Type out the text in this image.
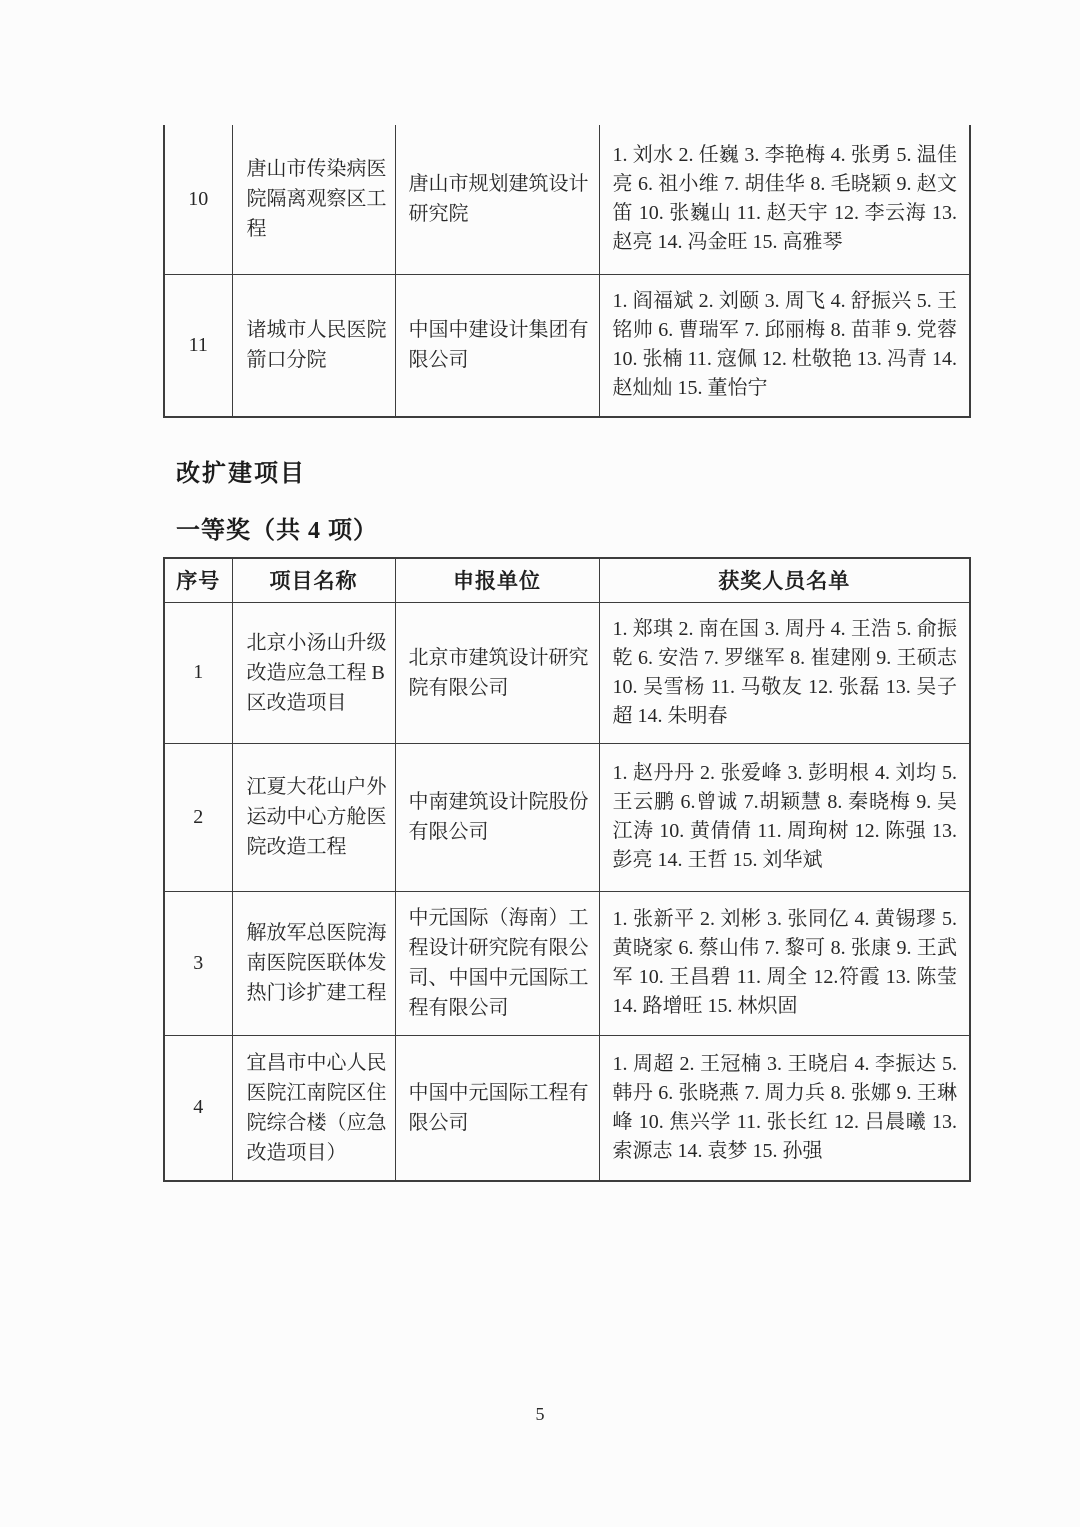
10	唐山市传染病医院隔离观察区工程	唐山市规划建筑设计研究院	1. 刘水 2. 任巍 3. 李艳梅 4. 张勇 5. 温佳亮 6. 祖小维 7. 胡佳华 8. 毛晓颖 9. 赵文笛 10. 张巍山 11. 赵天宇 12. 李云海 13. 赵亮 14. 冯金旺 15. 高雅琴
11	诸城市人民医院箭口分院	中国中建设计集团有限公司	1. 阎福斌 2. 刘颐 3. 周飞 4. 舒振兴 5. 王铭帅 6. 曹瑞军 7. 邱丽梅 8. 苗菲 9. 党蓉 10. 张楠 11. 寇佩 12. 杜敬艳 13. 冯青 14. 赵灿灿 15. 董怡宁
改扩建项目
一等奖（共 4 项）
序号	项目名称	申报单位	获奖人员名单
1	北京小汤山升级改造应急工程 B 区改造项目	北京市建筑设计研究院有限公司	1. 郑琪 2. 南在国 3. 周丹 4. 王浩 5. 俞振乾 6. 安浩 7. 罗继军 8. 崔建刚 9. 王硕志 10. 吴雪杨 11. 马敬友 12. 张磊 13. 吴子超 14. 朱明春
2	江夏大花山户外运动中心方舱医院改造工程	中南建筑设计院股份有限公司	1. 赵丹丹 2. 张爱峰 3. 彭明根 4. 刘均 5. 王云鹏 6.曾诚 7.胡颖慧 8. 秦晓梅 9. 吴江涛 10. 黄倩倩 11. 周珣树 12. 陈强 13. 彭亮 14. 王哲 15. 刘华斌
3	解放军总医院海南医院医联体发热门诊扩建工程	中元国际（海南）工程设计研究院有限公司、中国中元国际工程有限公司	1. 张新平 2. 刘彬 3. 张同亿 4. 黄锡璆 5. 黄晓家 6. 蔡山伟 7. 黎可 8. 张康 9. 王武军 10. 王昌碧 11. 周全 12.符霞 13. 陈莹 14. 路增旺 15. 林炽固
4	宜昌市中心人民医院江南院区住院综合楼（应急改造项目）	中国中元国际工程有限公司	1. 周超 2. 王冠楠 3. 王晓启 4. 李振达 5. 韩丹 6. 张晓燕 7. 周力兵 8. 张娜 9. 王琳峰 10. 焦兴学 11. 张长红 12. 吕晨曦 13. 索源志 14. 袁梦 15. 孙强
5
